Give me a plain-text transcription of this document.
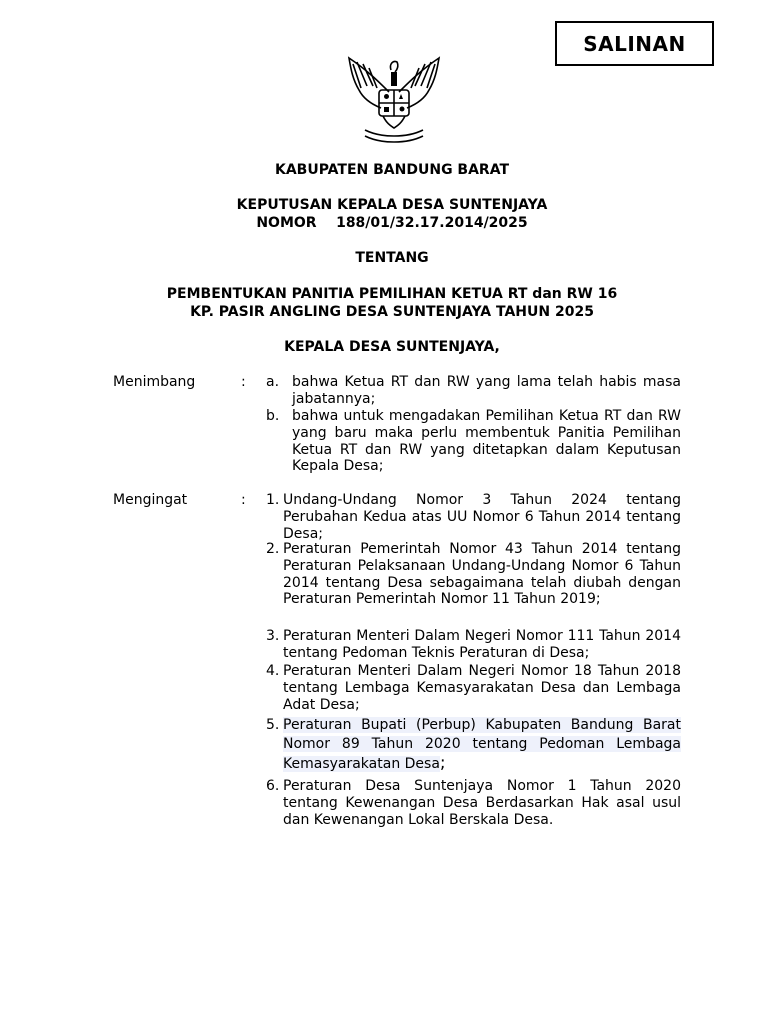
SALINAN
KABUPATEN BANDUNG BARAT
KEPUTUSAN KEPALA DESA SUNTENJAYA
NOMOR    188/01/32.17.2014/2025
TENTANG
PEMBENTUKAN PANITIA PEMILIHAN KETUA RT dan RW 16
KP. PASIR ANGLING DESA SUNTENJAYA TAHUN 2025
KEPALA DESA SUNTENJAYA,
Menimbang	: a. bahwa Ketua RT dan RW yang lama telah habis masa jabatannya;
b. bahwa untuk mengadakan Pemilihan Ketua RT dan RW yang baru maka perlu membentuk Panitia Pemilihan Ketua RT dan RW yang ditetapkan dalam Keputusan Kepala Desa;
Mengingat	: 1. Undang-Undang Nomor 3 Tahun 2024 tentang Perubahan Kedua atas UU Nomor 6 Tahun 2014 tentang Desa;
2. Peraturan Pemerintah Nomor 43 Tahun 2014 tentang Peraturan Pelaksanaan Undang-Undang Nomor 6 Tahun 2014 tentang Desa sebagaimana telah diubah dengan Peraturan Pemerintah Nomor 11 Tahun 2019;
3. Peraturan Menteri Dalam Negeri Nomor 111 Tahun 2014 tentang Pedoman Teknis Peraturan di Desa;
4. Peraturan Menteri Dalam Negeri Nomor 18 Tahun 2018 tentang Lembaga Kemasyarakatan Desa dan Lembaga Adat Desa;
5. Peraturan Bupati (Perbup) Kabupaten Bandung Barat Nomor 89 Tahun 2020 tentang Pedoman Lembaga Kemasyarakatan Desa;
6. Peraturan Desa Suntenjaya Nomor 1 Tahun 2020 tentang Kewenangan Desa Berdasarkan Hak asal usul dan Kewenangan Lokal Berskala Desa.
